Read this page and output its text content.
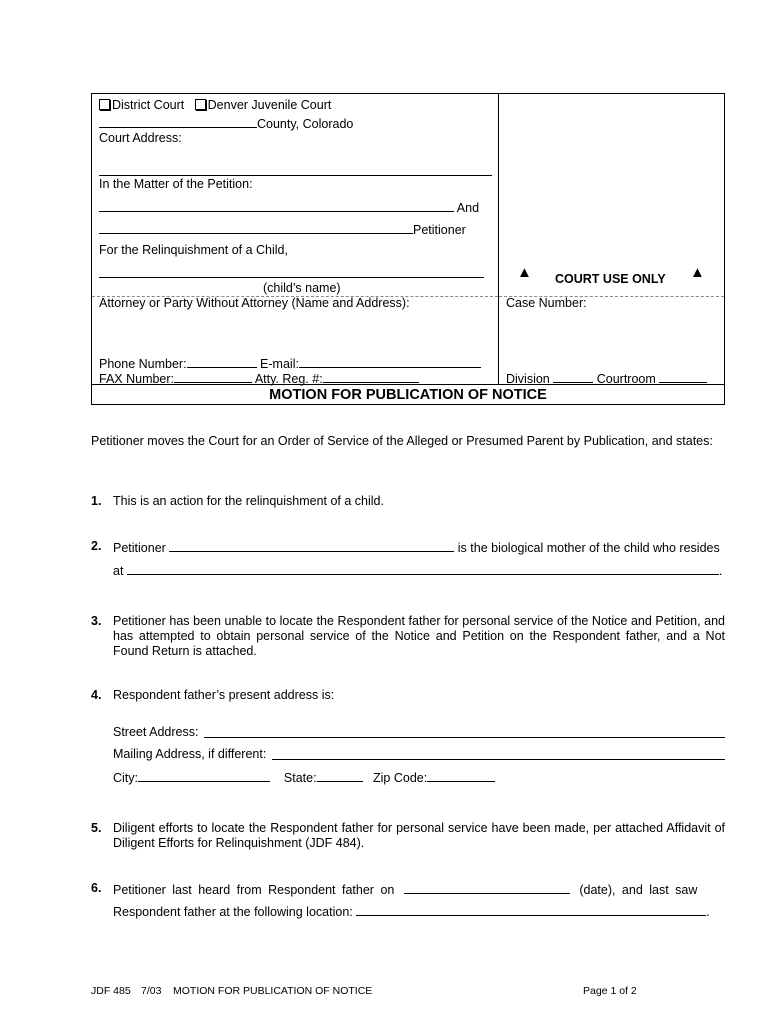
District Court Denver Juvenile Court
County, Colorado
Court Address:
In the Matter of the Petition:
And
Petitioner
For the Relinquishment of a Child,
(child’s name)
Attorney or Party Without Attorney (Name and Address):
Phone Number:	E-mail:
FAX Number:	Atty. Reg. #:
▲ COURT USE ONLY ▲
Case Number:
Division	Courtroom
MOTION FOR PUBLICATION OF NOTICE
Petitioner moves the Court for an Order of Service of the Alleged or Presumed Parent by Publication, and states:
1. This is an action for the relinquishment of a child.
2. Petitioner	is the biological mother of the child who resides
at	.
3. Petitioner has been unable to locate the Respondent father for personal service of the Notice and Petition, and has attempted to obtain personal service of the Notice and Petition on the Respondent father, and a Not Found Return is attached.
4. Respondent father’s present address is:
Street Address:
Mailing Address, if different:
City:	State:	Zip Code:
5. Diligent efforts to locate the Respondent father for personal service have been made, per attached Affidavit of Diligent Efforts for Relinquishment (JDF 484).
6. Petitioner last heard from Respondent father on	(date), and last saw
Respondent father at the following location:	.
JDF 485 7/03 MOTION FOR PUBLICATION OF NOTICE	Page 1 of 2
